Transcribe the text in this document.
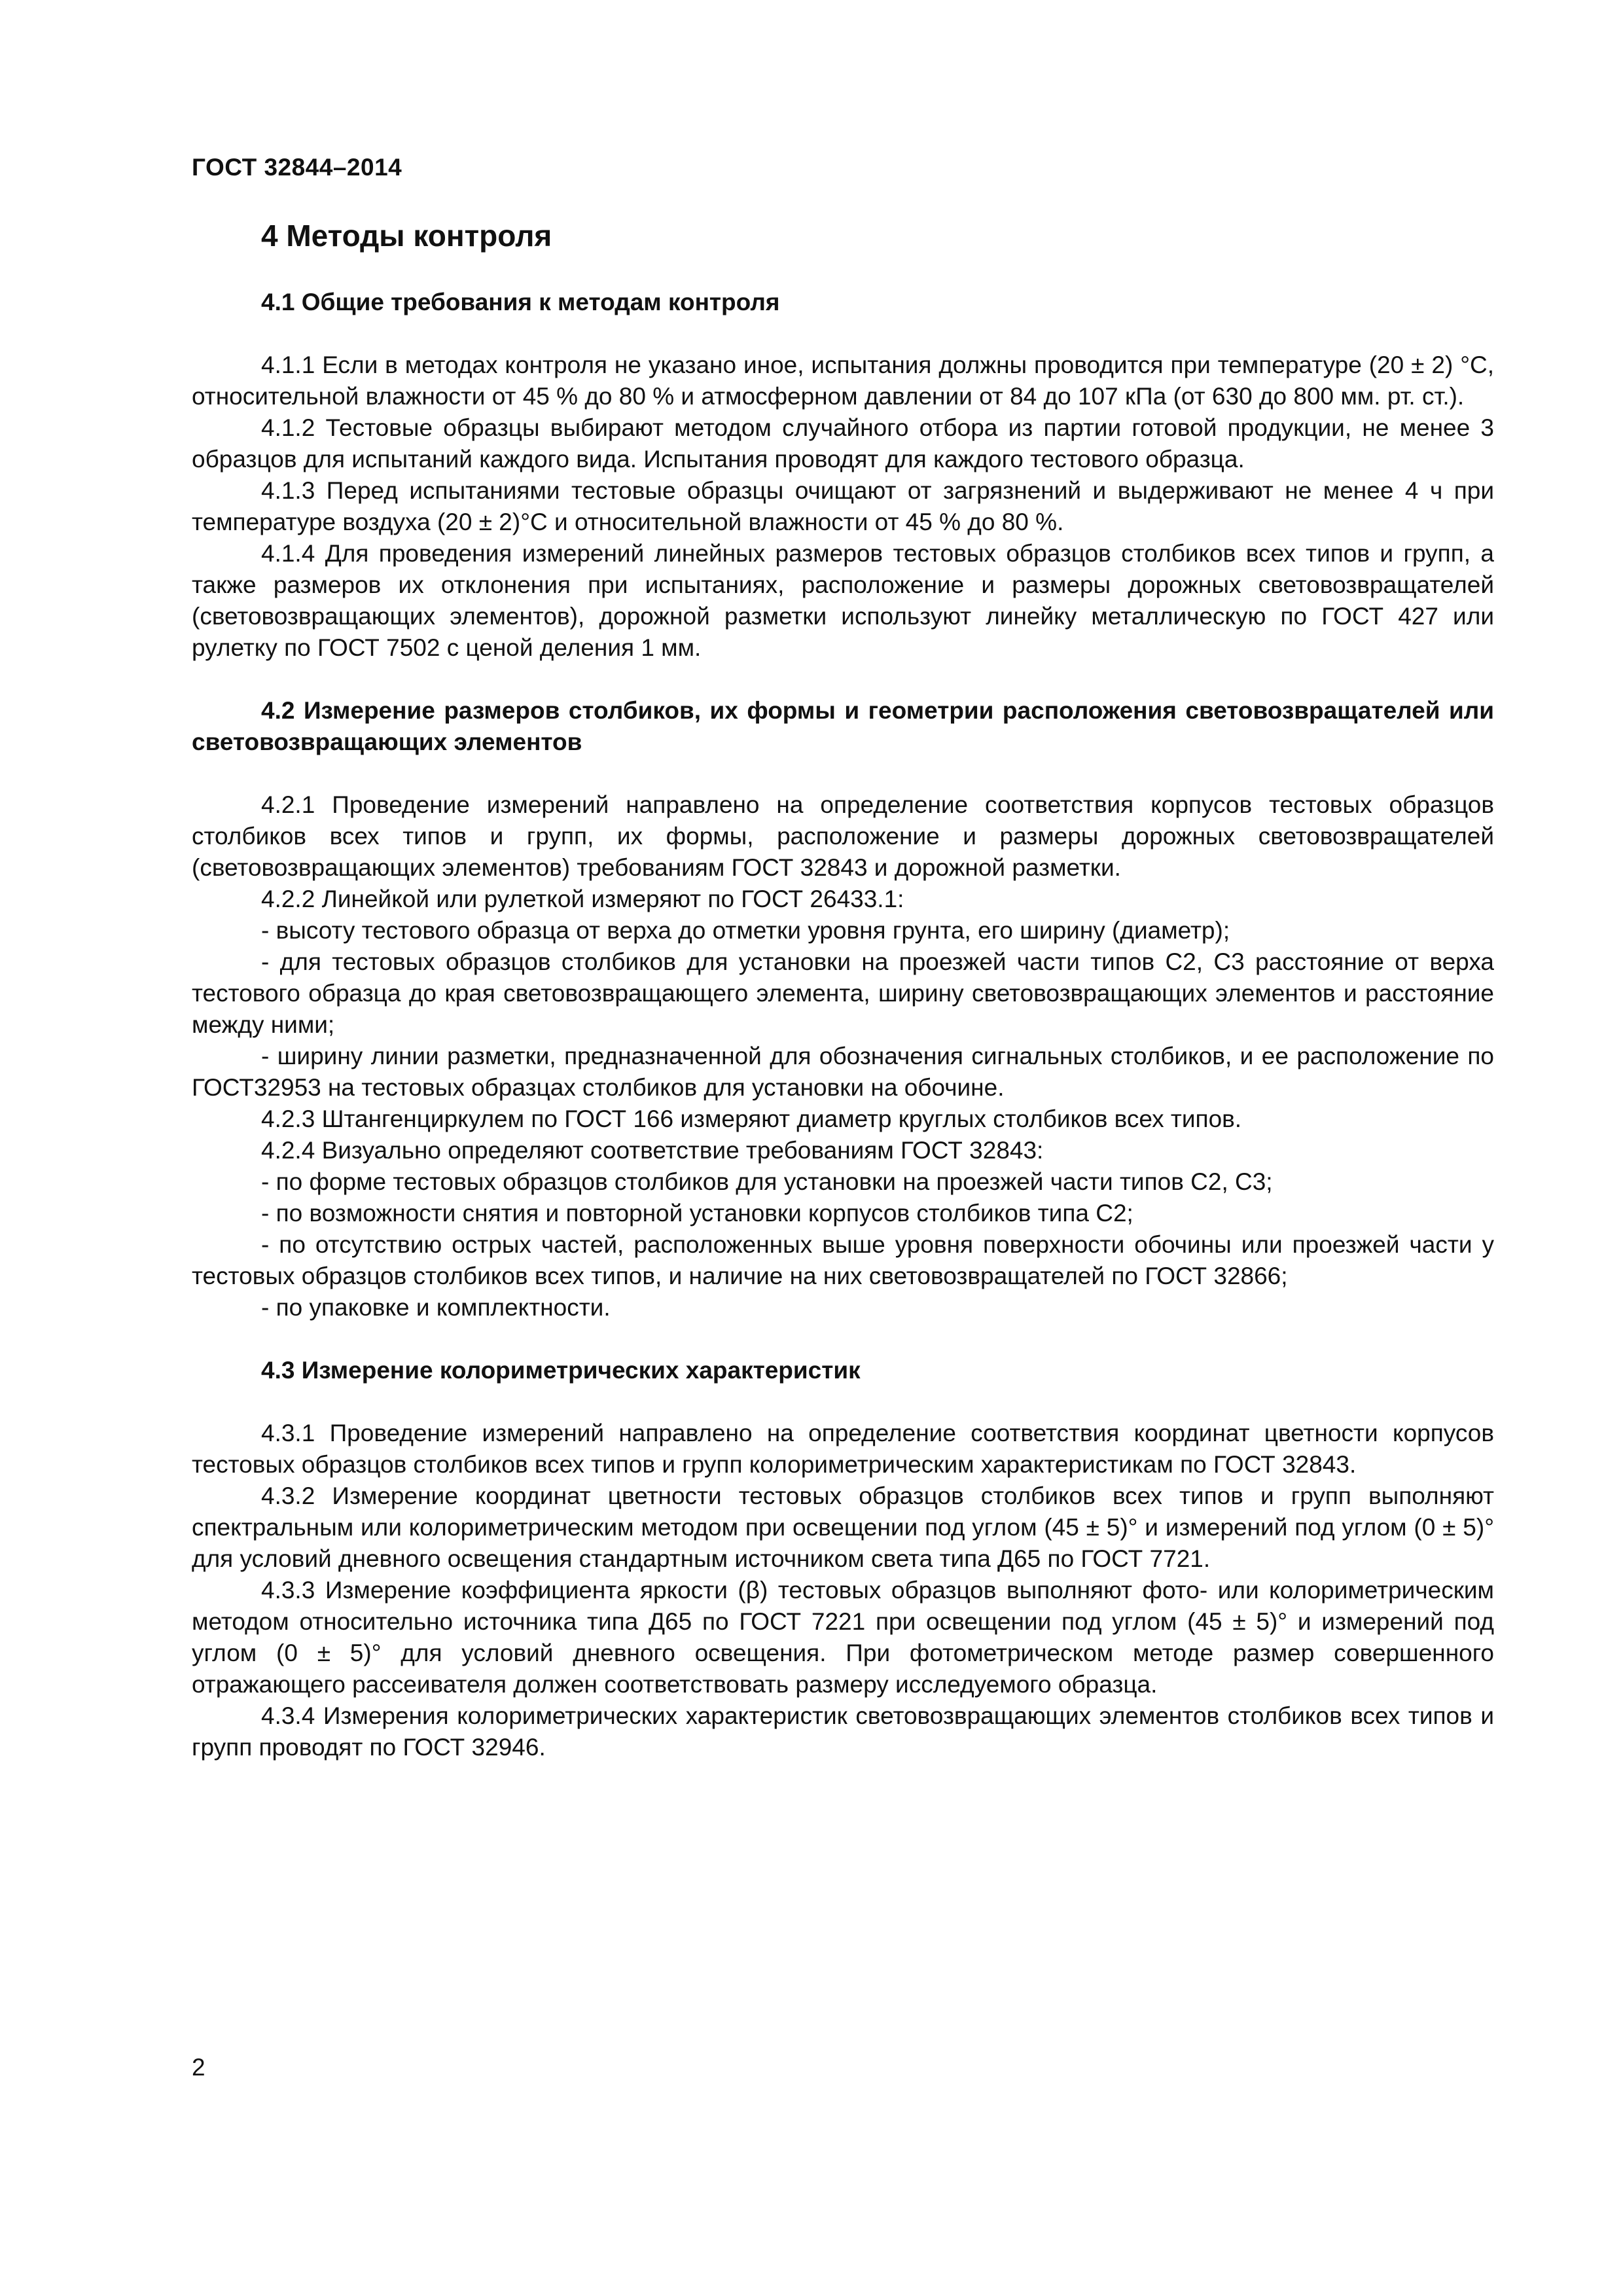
ГОСТ 32844–2014
4 Методы контроля
4.1 Общие требования к методам контроля

4.1.1 Если в методах контроля не указано иное, испытания должны проводится при температуре (20 ± 2) °С, относительной влажности от 45 % до 80 % и атмосферном давлении от 84 до 107 кПа (от 630 до 800 мм. рт. ст.).

4.1.2 Тестовые образцы выбирают методом случайного отбора из партии готовой продукции, не менее 3 образцов для испытаний каждого вида. Испытания проводят для каждого тестового образца.

4.1.3 Перед испытаниями тестовые образцы очищают от загрязнений и выдерживают не менее 4 ч при температуре воздуха (20 ± 2)°С и относительной влажности от 45 % до 80 %.

4.1.4 Для проведения измерений линейных размеров тестовых образцов столбиков всех типов и групп, а также размеров их отклонения при испытаниях, расположение и размеры дорожных световозвращателей (световозвращающих элементов), дорожной разметки используют линейку металлическую по ГОСТ 427 или рулетку по ГОСТ 7502 с ценой деления 1 мм.

4.2 Измерение размеров столбиков, их формы и геометрии расположения световозвращателей или световозвращающих элементов

4.2.1 Проведение измерений направлено на определение соответствия корпусов тестовых образцов столбиков всех типов и групп, их формы, расположение и размеры дорожных световозвращателей (световозвращающих элементов) требованиям ГОСТ 32843 и дорожной разметки.

4.2.2 Линейкой или рулеткой измеряют по ГОСТ 26433.1:

- высоту тестового образца от верха до отметки уровня грунта, его ширину (диаметр);

- для тестовых образцов столбиков для установки на проезжей части типов С2, С3 расстояние от верха тестового образца до края световозвращающего элемента, ширину световозвращающих элементов и расстояние между ними;

- ширину линии разметки, предназначенной для обозначения сигнальных столбиков, и ее расположение по ГОСТ32953 на тестовых образцах столбиков для установки на обочине.

4.2.3 Штангенциркулем по ГОСТ 166 измеряют диаметр круглых столбиков всех типов.

4.2.4 Визуально определяют соответствие требованиям ГОСТ 32843:

- по форме тестовых образцов столбиков для установки на проезжей части типов С2, С3;

- по возможности снятия и повторной установки корпусов столбиков типа С2;

- по отсутствию острых частей, расположенных выше уровня поверхности обочины или проезжей части у тестовых образцов столбиков всех типов, и наличие на них световозвращателей по ГОСТ 32866;

- по упаковке и комплектности.

4.3 Измерение колориметрических характеристик

4.3.1 Проведение измерений направлено на определение соответствия координат цветности корпусов тестовых образцов столбиков всех типов и групп колориметрическим характеристикам по ГОСТ 32843.

4.3.2 Измерение координат цветности тестовых образцов столбиков всех типов и групп выполняют спектральным или колориметрическим методом при освещении под углом (45 ± 5)° и измерений под углом (0 ± 5)° для условий дневного освещения стандартным источником света типа Д65 по ГОСТ 7721.

4.3.3 Измерение коэффициента яркости (β) тестовых образцов выполняют фото- или колориметрическим методом относительно источника типа Д65 по ГОСТ 7221 при освещении под углом (45 ± 5)° и измерений под углом (0 ± 5)° для условий дневного освещения. При фотометрическом методе размер совершенного отражающего рассеивателя должен соответствовать размеру исследуемого образца.

4.3.4 Измерения колориметрических характеристик световозвращающих элементов столбиков всех типов и групп проводят по ГОСТ 32946.

2
